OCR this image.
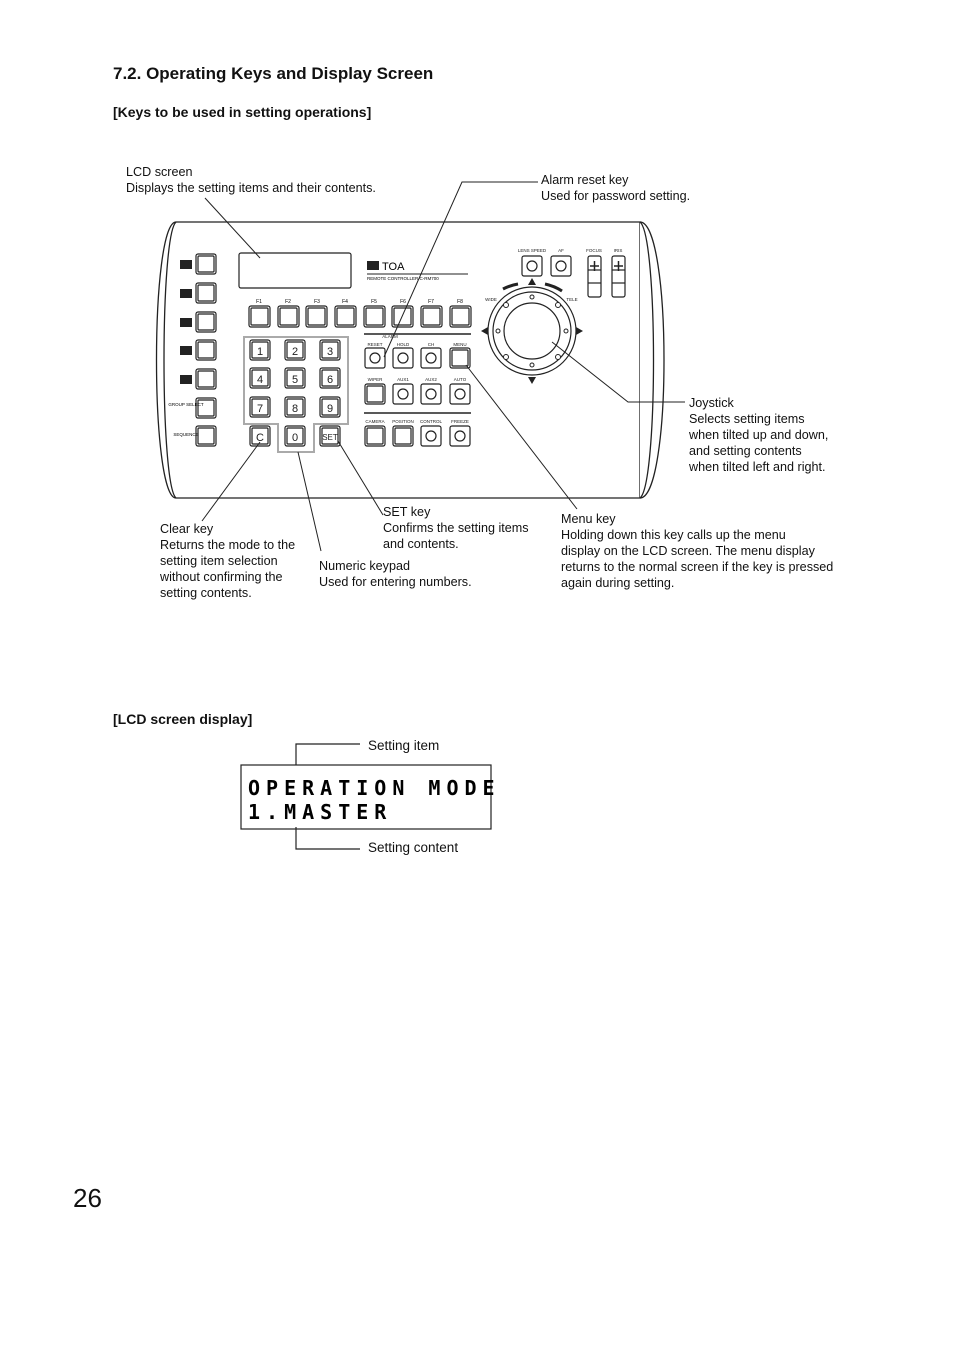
7.2. Operating Keys and Display Screen
[Keys to be used in setting operations]
LCD screen
Displays the setting items and their contents.
Alarm reset key
Used for password setting.
Joystick
Selects setting items
when tilted up and down,
and setting contents
when tilted left and right.
SET key
Confirms the setting items
and contents.
Menu key
Holding down this key calls up the menu
display on the LCD screen. The menu display
returns to the normal screen if the key is pressed
again during setting.
Clear key
Returns the mode to the
setting item selection
without confirming the
setting contents.
Numeric keypad
Used for entering numbers.
GROUP SELECT
SEQUENCE
TOA
REMOTE CONTROLLER C-RM700
F1	F2	F3	F4	F5	F6	F7	F8
1	2	3
4	5	6
7	8	9
C	0	SET
ALARM
RESET	HOLD	CH	MENU
WIPER	AUX1	AUX2	AUTO
CAMERA POSITION CONTROL FREEZE
LENS SPEED	AF	FOCUS	IRIS
WIDE	TELE
[LCD screen display]
OPERATION MODE
1.MASTER
Setting item
Setting content
26
